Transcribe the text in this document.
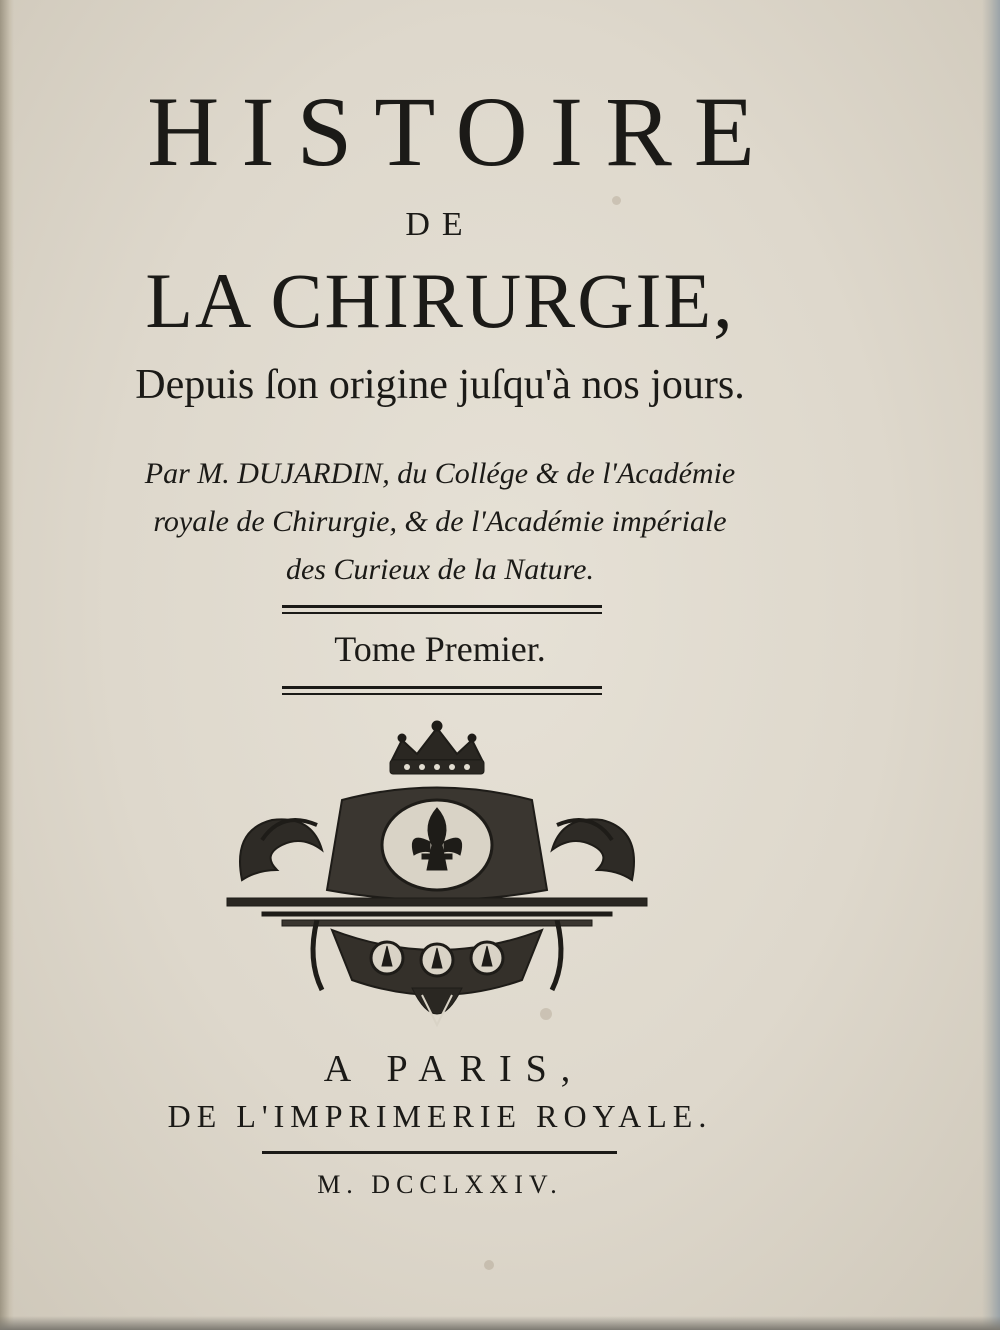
HISTOIRE
DE
LA CHIRURGIE,
Depuis ſon origine juſqu'à nos jours.
Par M. DUJARDIN, du Collége & de l'Académie
royale de Chirurgie, & de l'Académie impériale
des Curieux de la Nature.
Tome Premier.
A PARIS,
DE L'IMPRIMERIE ROYALE.
M. DCCLXXIV.
